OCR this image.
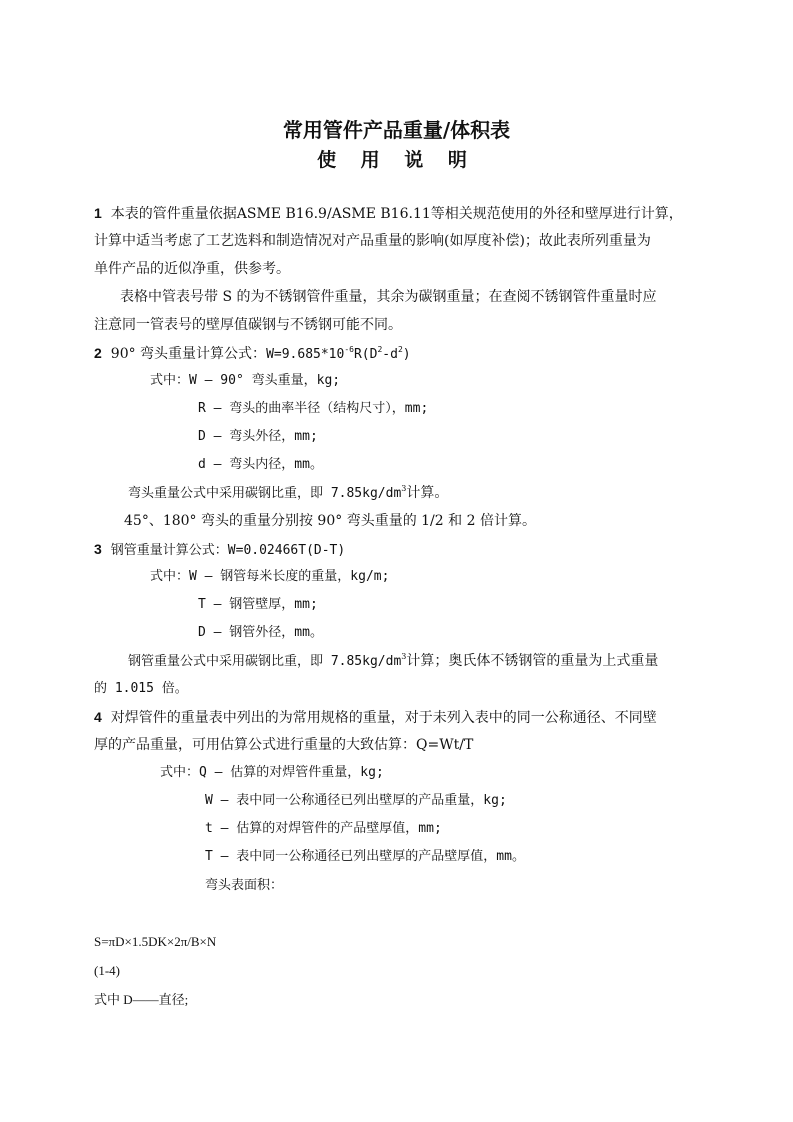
常用管件产品重量/体积表
使 用 说 明
1 本表的管件重量依据ASME B16.9/ASME B16.11等相关规范使用的外径和壁厚进行计算，
计算中适当考虑了工艺选料和制造情况对产品重量的影响(如厚度补偿)；故此表所列重量为
单件产品的近似净重，供参考。
表格中管表号带 S 的为不锈钢管件重量，其余为碳钢重量；在查阅不锈钢管件重量时应
注意同一管表号的壁厚值碳钢与不锈钢可能不同。
2 90° 弯头重量计算公式：$W=9.685*10^{-6}R(D^2-d^2)$
式中：W — 90° 弯头重量，kg;
R — 弯头的曲率半径（结构尺寸），mm;
D — 弯头外径，mm;
d — 弯头内径，mm。
弯头重量公式中采用碳钢比重，即 $7.85kg/dm^3$计算。
45°、180° 弯头的重量分别按 90° 弯头重量的 1/2 和 2 倍计算。
3 钢管重量计算公式：W=0.02466T(D-T)
式中：W — 钢管每米长度的重量，kg/m;
T — 钢管壁厚，mm;
D — 钢管外径，mm。
钢管重量公式中采用碳钢比重，即 $7.85kg/dm^3$计算；奥氏体不锈钢管的重量为上式重量
的 1.015 倍。
4 对焊管件的重量表中列出的为常用规格的重量，对于未列入表中的同一公称通径、不同壁
厚的产品重量，可用估算公式进行重量的大致估算：Q=Wt/T
式中：Q — 估算的对焊管件重量，kg;
W — 表中同一公称通径已列出壁厚的产品重量，kg;
t — 估算的对焊管件的产品壁厚值，mm;
T — 表中同一公称通径已列出壁厚的产品壁厚值，mm。
弯头表面积：
S=πD×1.5DK×2π/B×N
(1-4)
式中 D——直径;
